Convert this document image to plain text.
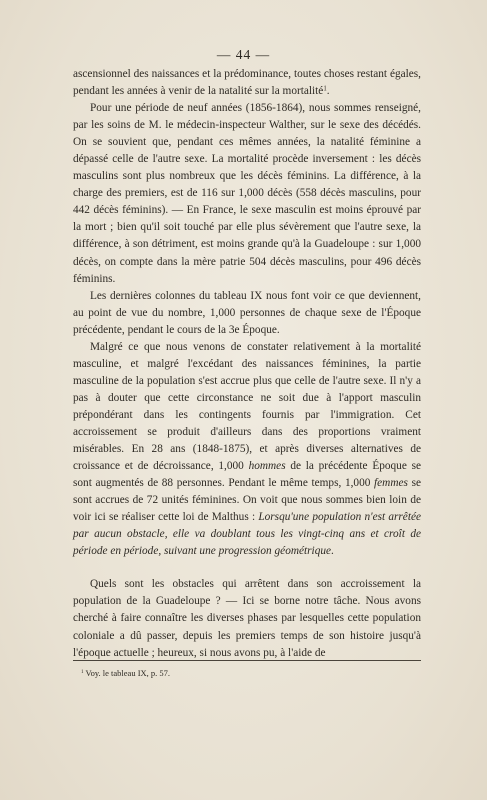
— 44 —

ascensionnel des naissances et la prédominance, toutes choses restant égales, pendant les années à venir de la natalité sur la mortalité$^1$.

Pour une période de neuf années (1856-1864), nous sommes renseigné, par les soins de M. le médecin-inspecteur Walther, sur le sexe des décédés. On se souvient que, pendant ces mêmes années, la natalité féminine a dépassé celle de l'autre sexe. La mortalité procède inversement : les décès masculins sont plus nombreux que les décès féminins. La différence, à la charge des premiers, est de 116 sur 1,000 décès (558 décès masculins, pour 442 décès féminins). — En France, le sexe masculin est moins éprouvé par la mort ; bien qu'il soit touché par elle plus sévèrement que l'autre sexe, la différence, à son détriment, est moins grande qu'à la Guadeloupe : sur 1,000 décès, on compte dans la mère patrie 504 décès masculins, pour 496 décès féminins.

Les dernières colonnes du tableau IX nous font voir ce que deviennent, au point de vue du nombre, 1,000 personnes de chaque sexe de l'Époque précédente, pendant le cours de la 3e Époque.

Malgré ce que nous venons de constater relativement à la mortalité masculine, et malgré l'excédant des naissances féminines, la partie masculine de la population s'est accrue plus que celle de l'autre sexe. Il n'y a pas à douter que cette circonstance ne soit due à l'apport masculin prépondérant dans les contingents fournis par l'immigration. Cet accroissement se produit d'ailleurs dans des proportions vraiment misérables. En 28 ans (1848-1875), et après diverses alternatives de croissance et de décroissance, 1,000 hommes de la précédente Époque se sont augmentés de 88 personnes. Pendant le même temps, 1,000 femmes se sont accrues de 72 unités féminines. On voit que nous sommes bien loin de voir ici se réaliser cette loi de Malthus : Lorsqu'une population n'est arrêtée par aucun obstacle, elle va doublant tous les vingt-cinq ans et croît de période en période, suivant une progression géométrique.

Quels sont les obstacles qui arrêtent dans son accroissement la population de la Guadeloupe ? — Ici se borne notre tâche. Nous avons cherché à faire connaître les diverses phases par lesquelles cette population coloniale a dû passer, depuis les premiers temps de son histoire jusqu'à l'époque actuelle ; heureux, si nous avons pu, à l'aide de

$^1$ Voy. le tableau IX, p. 57.
